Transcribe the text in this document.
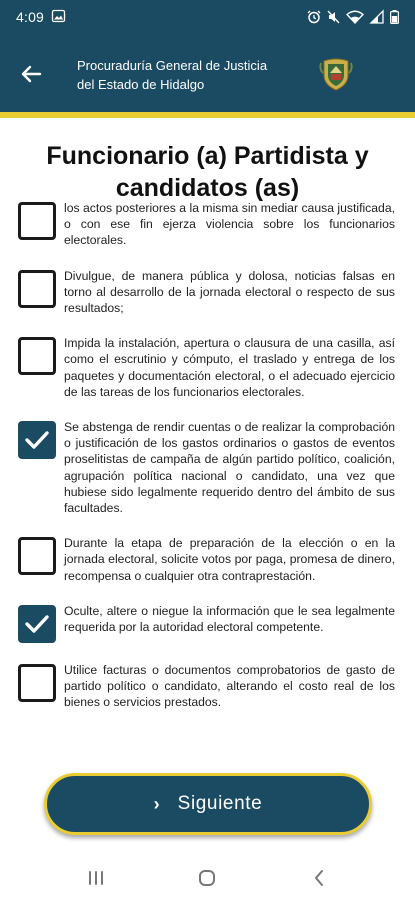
4:09
Procuraduría General de Justicia del Estado de Hidalgo
Funcionario (a) Partidista y candidatos (as)
los actos posteriores a la misma sin mediar causa justificada, o con ese fin ejerza violencia sobre los funcionarios electorales.
Divulgue, de manera pública y dolosa, noticias falsas en torno al desarrollo de la jornada electoral o respecto de sus resultados;
Impida la instalación, apertura o clausura de una casilla, así como el escrutinio y cómputo, el traslado y entrega de los paquetes y documentación electoral, o el adecuado ejercicio de las tareas de los funcionarios electorales.
Se abstenga de rendir cuentas o de realizar la comprobación o justificación de los gastos ordinarios o gastos de eventos proselitistas de campaña de algún partido político, coalición, agrupación política nacional o candidato, una vez que hubiese sido legalmente requerido dentro del ámbito de sus facultades.
Durante la etapa de preparación de la elección o en la jornada electoral, solicite votos por paga, promesa de dinero, recompensa o cualquier otra contraprestación.
Oculte, altere o niegue la información que le sea legalmente requerida por la autoridad electoral competente.
Utilice facturas o documentos comprobatorios de gasto de partido político o candidato, alterando el costo real de los bienes o servicios prestados.
› Siguiente
